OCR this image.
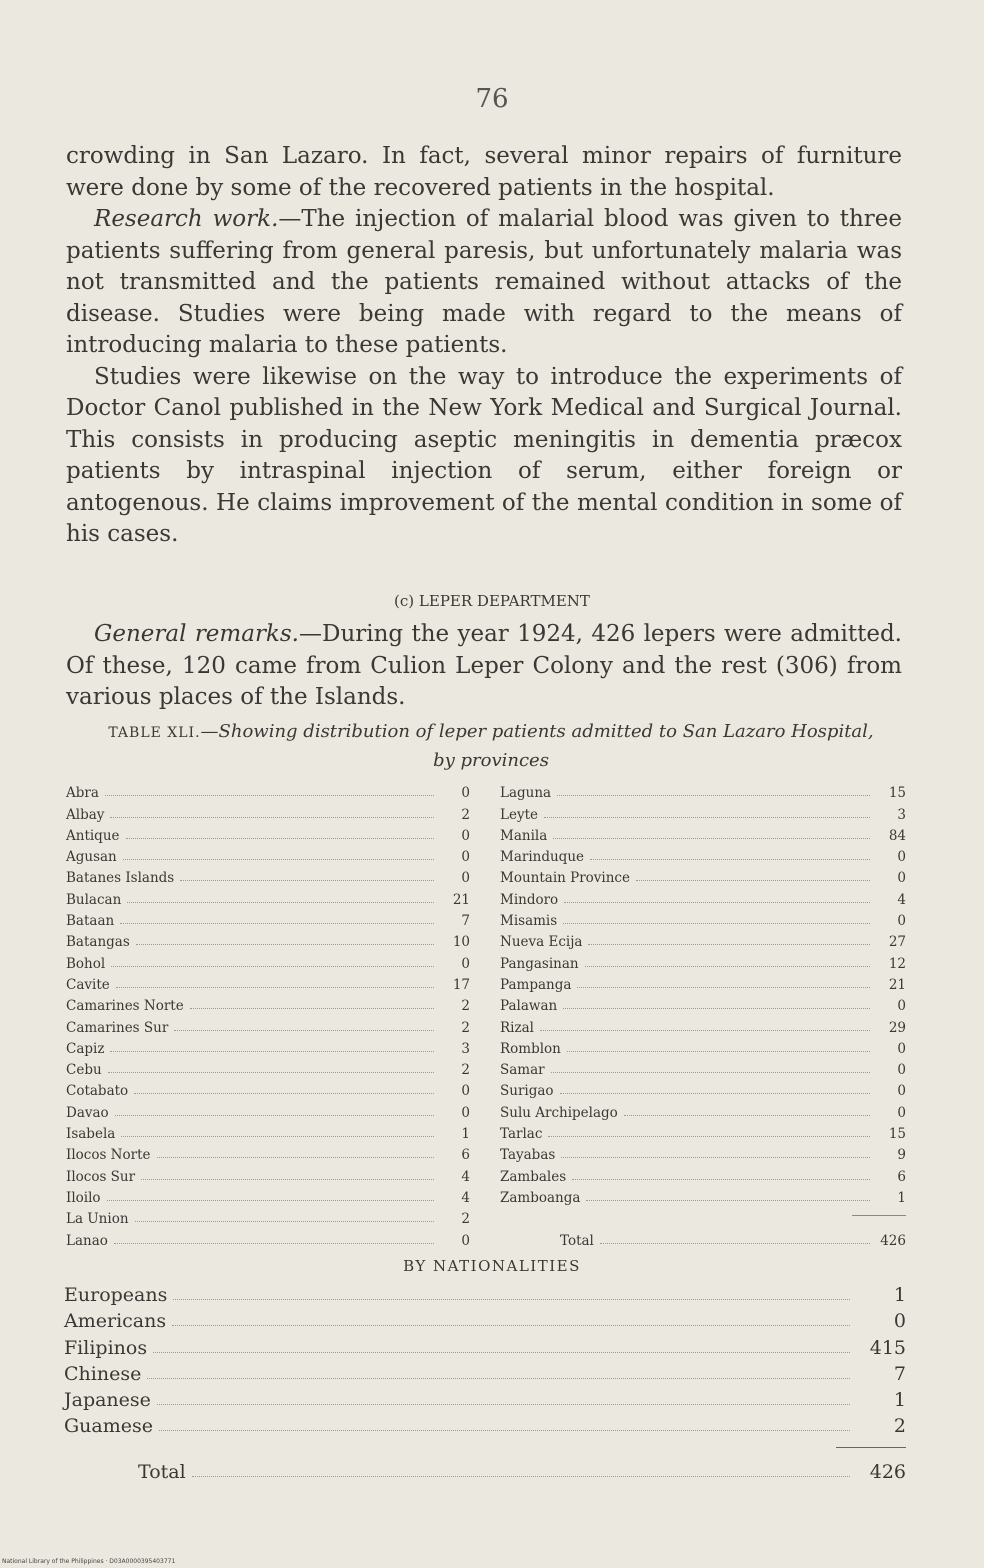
76

crowding in San Lazaro. In fact, several minor repairs of furniture were done by some of the recovered patients in the hospital.

Research work.—The injection of malarial blood was given to three patients suffering from general paresis, but unfortunately malaria was not transmitted and the patients remained without attacks of the disease. Studies were being made with regard to the means of introducing malaria to these patients.

Studies were likewise on the way to introduce the experiments of Doctor Canol published in the New York Medical and Surgical Journal. This consists in producing aseptic meningitis in dementia præcox patients by intraspinal injection of serum, either foreign or antogenous. He claims improvement of the mental condition in some of his cases.

(c) LEPER DEPARTMENT

General remarks.—During the year 1924, 426 lepers were admitted. Of these, 120 came from Culion Leper Colony and the rest (306) from various places of the Islands.

TABLE XLI.—Showing distribution of leper patients admitted to San Lazaro Hospital, by provinces
Abra	0
Albay	2
Antique	0
Agusan	0
Batanes Islands	0
Bulacan	21
Bataan	7
Batangas	10
Bohol	0
Cavite	17
Camarines Norte	2
Camarines Sur	2
Capiz	3
Cebu	2
Cotabato	0
Davao	0
Isabela	1
Ilocos Norte	6
Ilocos Sur	4
Iloilo	4
La Union	2
Lanao	0
Laguna	15
Leyte	3
Manila	84
Marinduque	0
Mountain Province	0
Mindoro	4
Misamis	0
Nueva Ecija	27
Pangasinan	12
Pampanga	21
Palawan	0
Rizal	29
Romblon	0
Samar	0
Surigao	0
Sulu Archipelago	0
Tarlac	15
Tayabas	9
Zambales	6
Zamboanga	1
Total	426
BY NATIONALITIES
Europeans	1
Americans	0
Filipinos	415
Chinese	7
Japanese	1
Guamese	2
Total	426
National Library of the Philippines · D03A0000395403771
